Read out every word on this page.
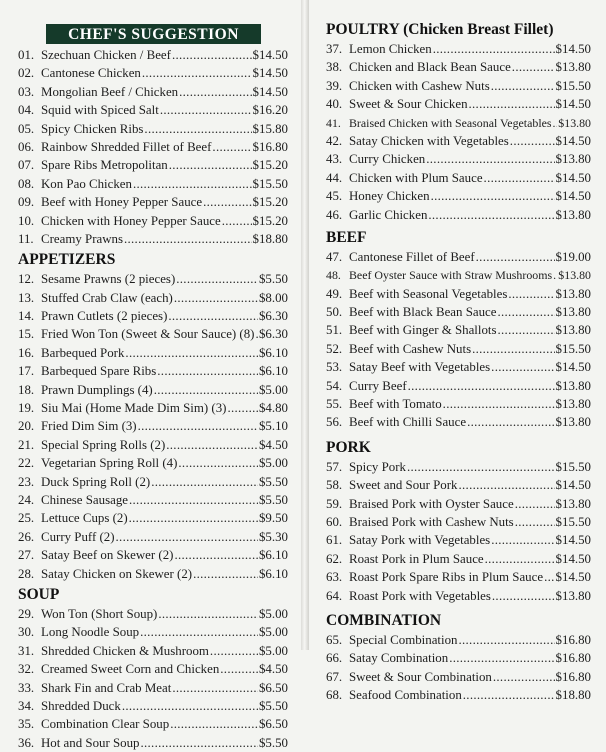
CHEF'S SUGGESTION
01. Szechuan Chicken / Beef .....	$14.50
02. Cantonese Chicken .....	$14.50
03. Mongolian Beef / Chicken .....	$14.50
04. Squid with Spiced Salt .....	$16.20
05. Spicy Chicken Ribs .....	$15.80
06. Rainbow Shredded Fillet of Beef .....	$16.80
07. Spare Ribs Metropolitan .....	$15.20
08. Kon Pao Chicken .....	$15.50
09. Beef with Honey Pepper Sauce .....	$15.20
10. Chicken with Honey Pepper Sauce ..... $15.20
11. Creamy Prawns .....	$18.80
APPETIZERS
12. Sesame Prawns (2 pieces) .....	$5.50
13. Stuffed Crab Claw (each) .....	$8.00
14. Prawn Cutlets (2 pieces) .....	$6.30
15. Fried Won Ton (Sweet & Sour Sauce) (8) ..... $6.30
16. Barbequed Pork .....	$6.10
17. Barbequed Spare Ribs .....	$6.10
18. Prawn Dumplings (4) .....	$5.00
19. Siu Mai (Home Made Dim Sim) (3) .....	$4.80
20. Fried Dim Sim (3) .....	$5.10
21. Special Spring Rolls (2) .....	$4.50
22. Vegetarian Spring Roll (4) .....	$5.00
23. Duck Spring Roll (2) .....	$5.50
24. Chinese Sausage .....	$5.50
25. Lettuce Cups (2) .....	$9.50
26. Curry Puff (2) .....	$5.30
27. Satay Beef on Skewer (2) .....	$6.10
28. Satay Chicken on Skewer (2) .....	$6.10
SOUP
29. Won Ton (Short Soup) .....	$5.00
30. Long Noodle Soup .....	$5.00
31. Shredded Chicken & Mushroom .....	$5.00
32. Creamed Sweet Corn and Chicken .....	$4.50
33. Shark Fin and Crab Meat .....	$6.50
34. Shredded Duck .....	$5.50
35. Combination Clear Soup .....	$6.50
36. Hot and Sour Soup .....	$5.50
POULTRY (Chicken Breast Fillet)
37. Lemon Chicken .....	$14.50
38. Chicken and Black Bean Sauce .....	$13.80
39. Chicken with Cashew Nuts .....	$15.50
40. Sweet & Sour Chicken .....	$14.50
41. Braised Chicken with Seasonal Vegetables ..... $13.80
42. Satay Chicken with Vegetables .....	$14.50
43. Curry Chicken .....	$13.80
44. Chicken with Plum Sauce .....	$14.50
45. Honey Chicken .....	$14.50
46. Garlic Chicken .....	$13.80
BEEF
47. Cantonese Fillet of Beef .....	$19.00
48. Beef Oyster Sauce with Straw Mushrooms ..... $13.80
49. Beef with Seasonal Vegetables .....	$13.80
50. Beef with Black Bean Sauce .....	$13.80
51. Beef with Ginger & Shallots .....	$13.80
52. Beef with Cashew Nuts .....	$15.50
53. Satay Beef with Vegetables .....	$14.50
54. Curry Beef .....	$13.80
55. Beef with Tomato .....	$13.80
56. Beef with Chilli Sauce .....	$13.80
PORK
57. Spicy Pork .....	$15.50
58. Sweet and Sour Pork .....	$14.50
59. Braised Pork with Oyster Sauce .....	$13.80
60. Braised Pork with Cashew Nuts .....	$15.50
61. Satay Pork with Vegetables .....	$14.50
62. Roast Pork in Plum Sauce .....	$14.50
63. Roast Pork Spare Ribs in Plum Sauce ..... $14.50
64. Roast Pork with Vegetables .....	$13.80
COMBINATION
65. Special Combination .....	$16.80
66. Satay Combination .....	$16.80
67. Sweet & Sour Combination .....	$16.80
68. Seafood Combination .....	$18.80
